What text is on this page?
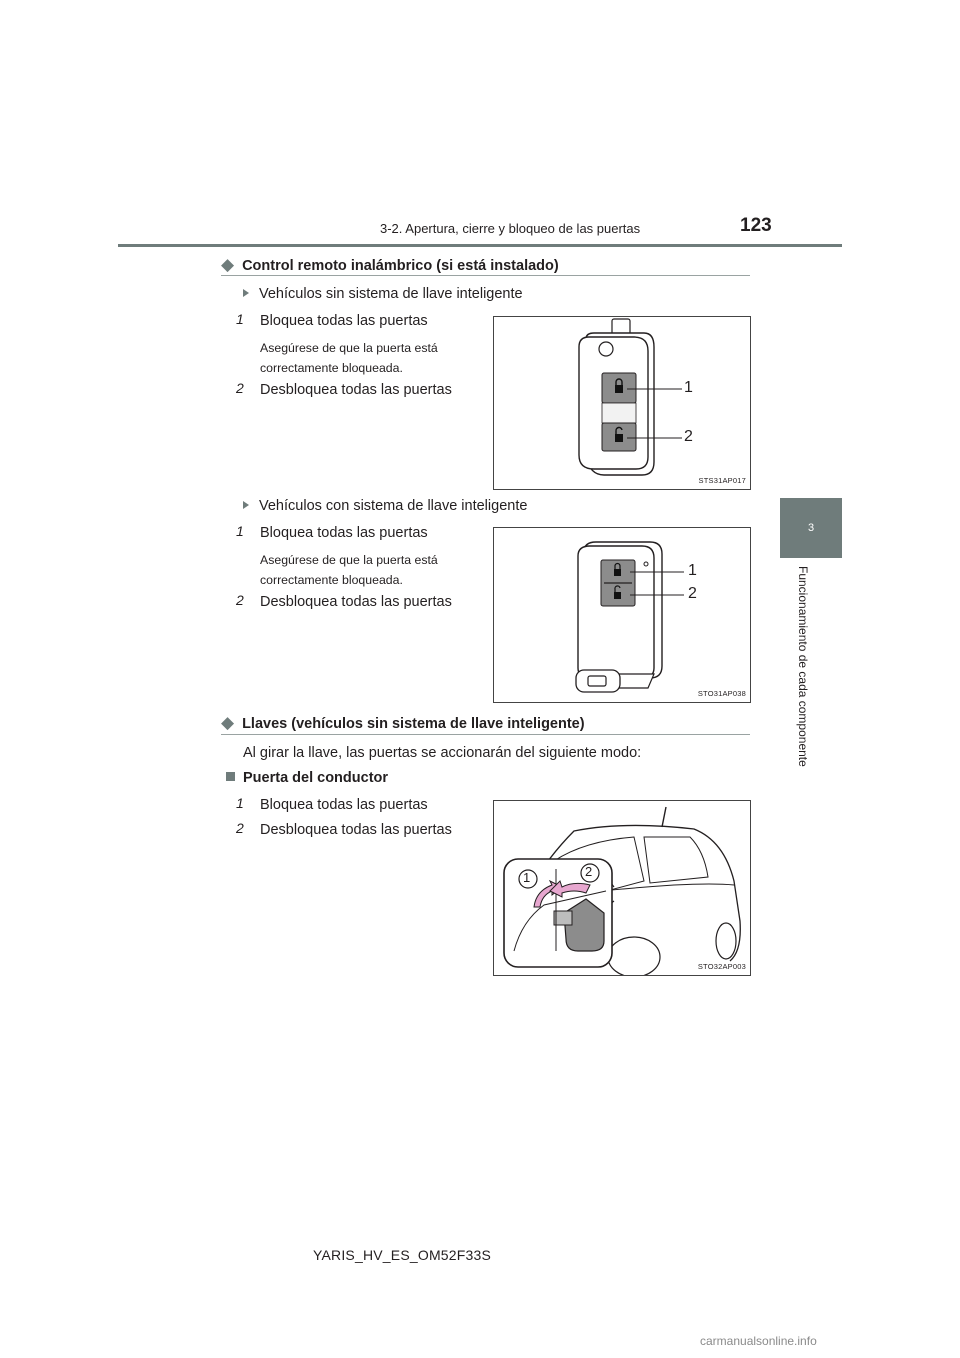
3-2. Apertura, cierre y bloqueo de las puertas	123
3
Funcionamiento de cada componente
◆ Control remoto inalámbrico (si está instalado)
Vehículos sin sistema de llave inteligente
1 Bloquea todas las puertas
Asegúrese de que la puerta está
correctamente bloqueada.
2 Desbloquea todas las puertas	1
2
STS31AP017
Vehículos con sistema de llave inteligente
1 Bloquea todas las puertas
Asegúrese de que la puerta está
correctamente bloqueada.
2 Desbloquea todas las puertas
1
2
STO31AP038
◆ Llaves (vehículos sin sistema de llave inteligente)
Al girar la llave, las puertas se accionarán del siguiente modo:
Puerta del conductor
1 Bloquea todas las puertas
2 Desbloquea todas las puertas
1	2
STO32AP003
YARIS_HV_ES_OM52F33S
carmanualsonline.info
